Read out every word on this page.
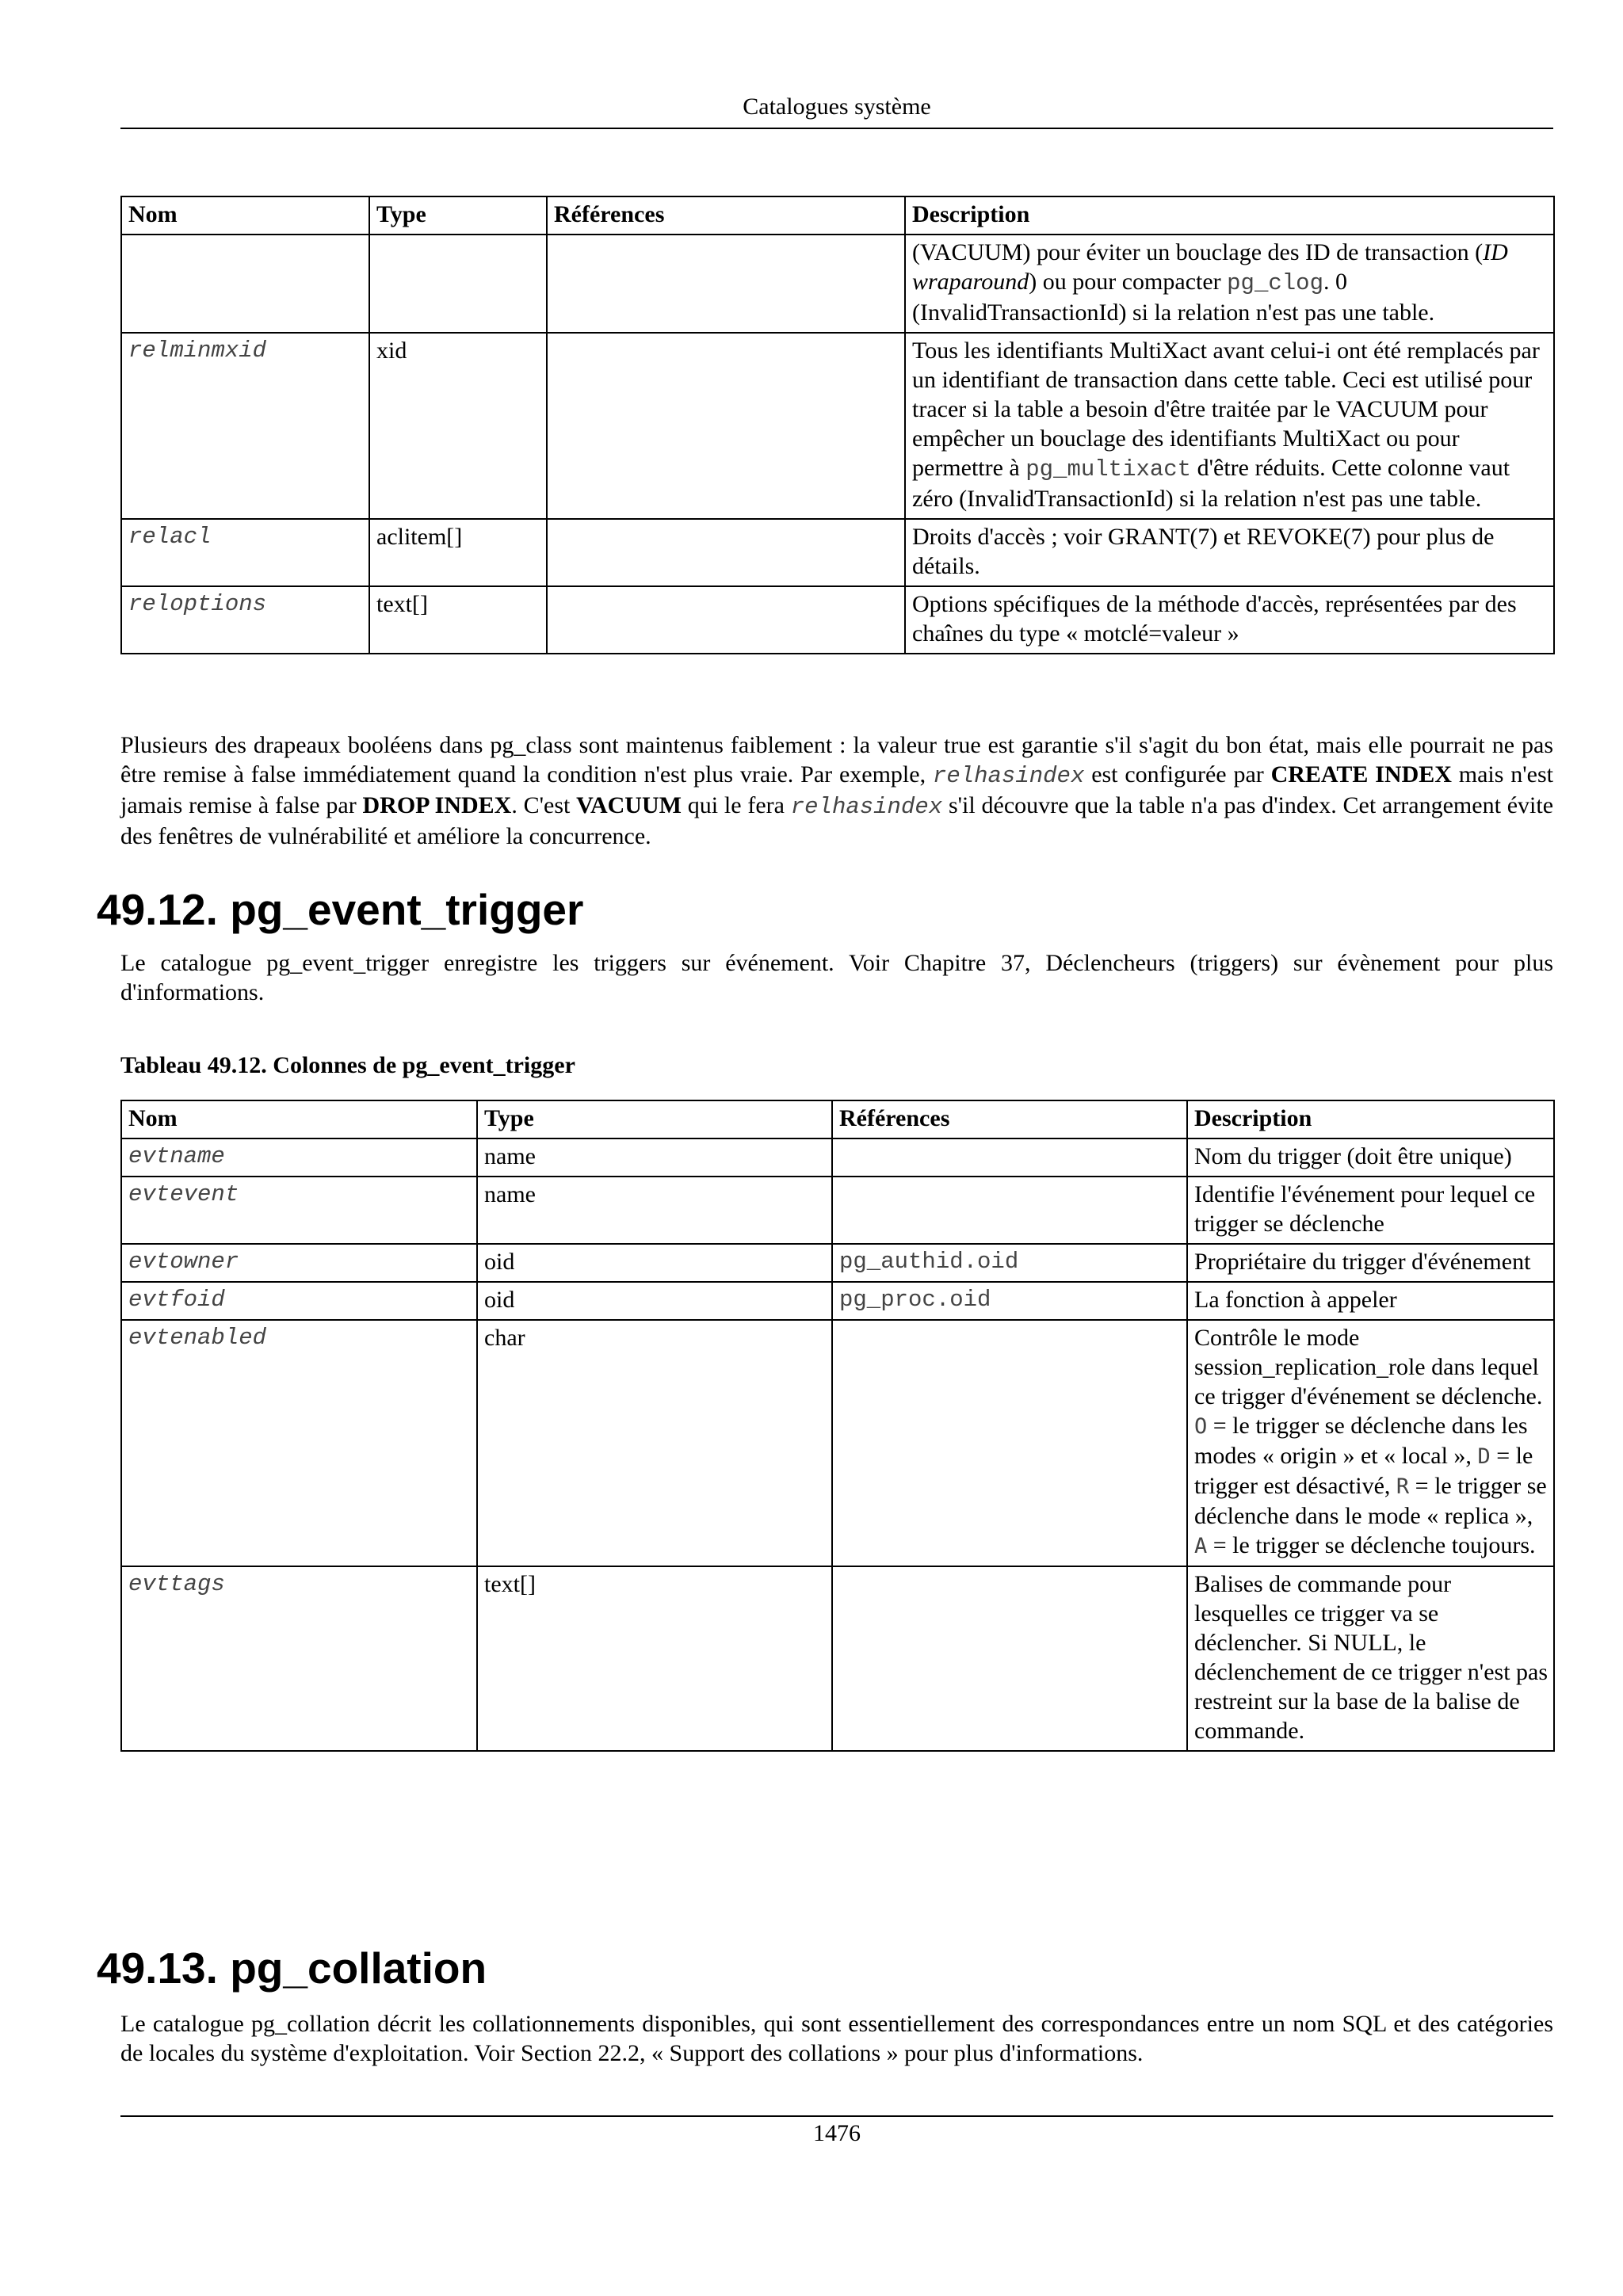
Catalogues système
Nom	Type	Références	Description
			(VACUUM) pour éviter un bouclage des ID de transaction (ID wraparound) ou pour compacter pg_clog. 0 (InvalidTransactionId) si la relation n'est pas une table.
relminmxid	xid		Tous les identifiants MultiXact avant celui-i ont été remplacés par un identifiant de transaction dans cette table. Ceci est utilisé pour tracer si la table a besoin d'être traitée par le VACUUM pour empêcher un bouclage des identifiants MultiXact ou pour permettre à pg_multixact d'être réduits. Cette colonne vaut zéro (InvalidTransactionId) si la relation n'est pas une table.
relacl	aclitem[]		Droits d'accès ; voir GRANT(7) et REVOKE(7) pour plus de détails.
reloptions	text[]		Options spécifiques de la méthode d'accès, représentées par des chaînes du type « motclé=valeur »

Plusieurs des drapeaux booléens dans pg_class sont maintenus faiblement : la valeur true est garantie s'il s'agit du bon état, mais elle pourrait ne pas être remise à false immédiatement quand la condition n'est plus vraie. Par exemple, relhasindex est configurée par CREATE INDEX mais n'est jamais remise à false par DROP INDEX. C'est VACUUM qui le fera relhasindex s'il découvre que la table n'a pas d'index. Cet arrangement évite des fenêtres de vulnérabilité et améliore la concurrence.

49.12. pg_event_trigger

Le catalogue pg_event_trigger enregistre les triggers sur événement. Voir Chapitre 37, Déclencheurs (triggers) sur évènement pour plus d'informations.

Tableau 49.12. Colonnes de pg_event_trigger
Nom	Type	Références	Description
evtname	name		Nom du trigger (doit être unique)
evtevent	name		Identifie l'événement pour lequel ce trigger se déclenche
evtowner	oid	pg_authid.oid	Propriétaire du trigger d'événement
evtfoid	oid	pg_proc.oid	La fonction à appeler
evtenabled	char		Contrôle le mode session_replication_role dans lequel ce trigger d'événement se déclenche. O = le trigger se déclenche dans les modes « origin » et « local », D = le trigger est désactivé, R = le trigger se déclenche dans le mode « replica », A = le trigger se déclenche toujours.
evttags	text[]		Balises de commande pour lesquelles ce trigger va se déclencher. Si NULL, le déclenchement de ce trigger n'est pas restreint sur la base de la balise de commande.
49.13. pg_collation

Le catalogue pg_collation décrit les collationnements disponibles, qui sont essentiellement des correspondances entre un nom SQL et des catégories de locales du système d'exploitation. Voir Section 22.2, « Support des collations » pour plus d'informations.

1476
